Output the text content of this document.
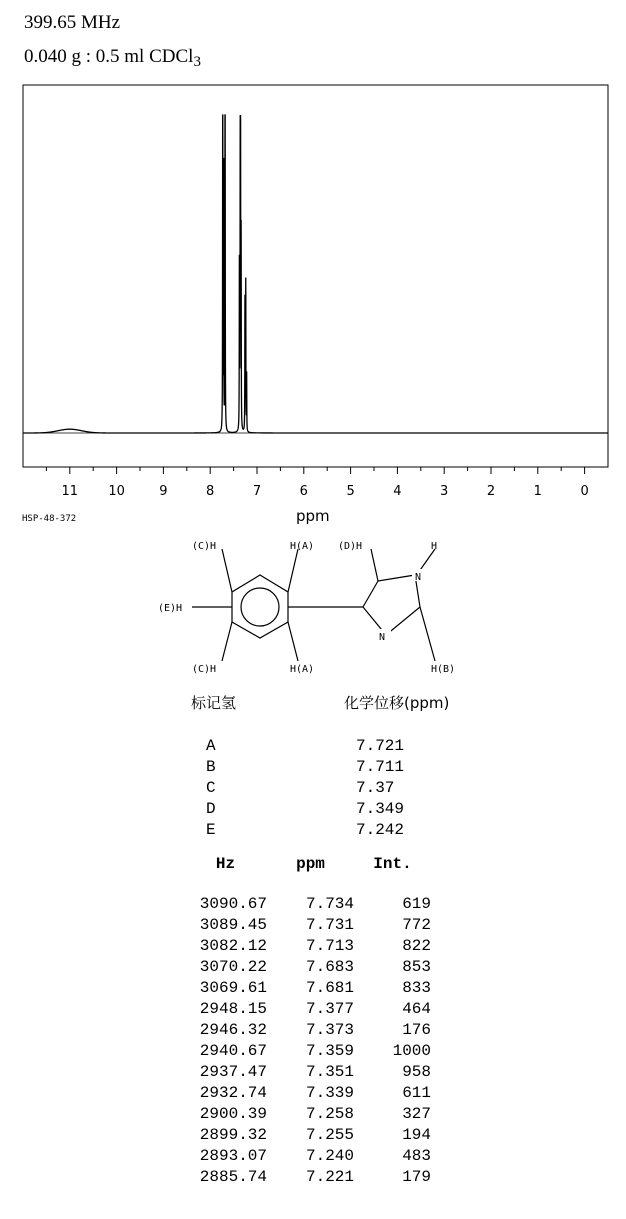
399.65 MHz
0.040 g : 0.5 ml CDCl$_3$
11 10	9	8	7	6	5	4	3	2	1	0
HSP-48-372	ppm
(C)H	H(A) (D)H	H
(E)H
N
N
(C)H	H(A)	H(B)
标记氢	化学位移(ppm)
A	7.721
B	7.711
C	7.37
D	7.349
E	7.242
Hz	ppm	Int.

3090.67	7.734	619
3089.45	7.731	772
3082.12	7.713	822
3070.22	7.683	853
3069.61	7.681	833
2948.15	7.377	464
2946.32	7.373	176
2940.67	7.359	1000
2937.47	7.351	958
2932.74	7.339	611
2900.39	7.258	327
2899.32	7.255	194
2893.07	7.240	483
2885.74	7.221	179
